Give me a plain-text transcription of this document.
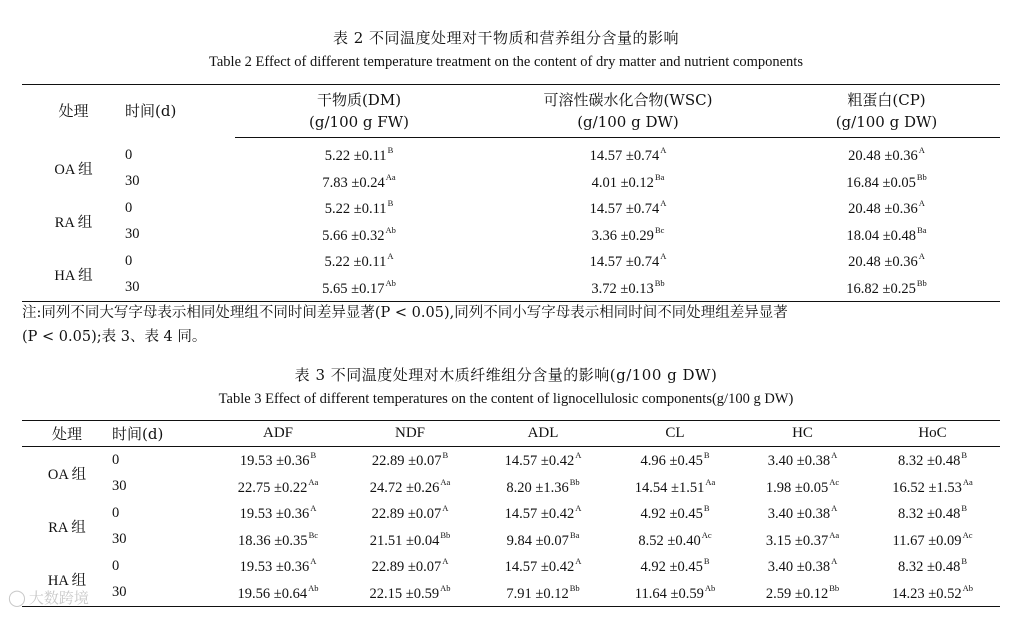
表 2 不同温度处理对干物质和营养组分含量的影响
Table 2 Effect of different temperature treatment on the content of dry matter and nutrient components
处理	时间(d)	干物质(DM)	可溶性碳水化合物(WSC)	粗蛋白(CP)
		(g/100 g FW)	(g/100 g DW)	(g/100 g DW)
OA 组	0	$5.22 \pm 0.11^B$	$14.57 \pm 0.74^A$	$20.48 \pm 0.36^A$
	30	$7.83 \pm 0.24^{Aa}$	$4.01 \pm 0.12^{Ba}$	$16.84 \pm 0.05^{Bb}$
RA 组	0	$5.22 \pm 0.11^B$	$14.57 \pm 0.74^A$	$20.48 \pm 0.36^A$
	30	$5.66 \pm 0.32^{Ab}$	$3.36 \pm 0.29^{Bc}$	$18.04 \pm 0.48^{Ba}$
HA 组	0	$5.22 \pm 0.11^A$	$14.57 \pm 0.74^A$	$20.48 \pm 0.36^A$
	30	$5.65 \pm 0.17^{Ab}$	$3.72 \pm 0.13^{Bb}$	$16.82 \pm 0.25^{Bb}$
注:同列不同大写字母表示相同处理组不同时间差异显著(P < 0.05),同列不同小写字母表示相同时间不同处理组差异显著
(P < 0.05);表 3、表 4 同。
表 3 不同温度处理对木质纤维组分含量的影响(g/100 g DW)
Table 3 Effect of different temperatures on the content of lignocellulosic components(g/100 g DW)
处理	时间(d)	ADF	NDF	ADL	CL	HC	HoC
OA 组	0	$19.53 \pm 0.36^B$	$22.89 \pm 0.07^B$	$14.57 \pm 0.42^A$	$4.96 \pm 0.45^B$	$3.40 \pm 0.38^A$	$8.32 \pm 0.48^B$
	30	$22.75 \pm 0.22^{Aa}$	$24.72 \pm 0.26^{Aa}$	$8.20 \pm 1.36^{Bb}$	$14.54 \pm 1.51^{Aa}$	$1.98 \pm 0.05^{Ac}$	$16.52 \pm 1.53^{Aa}$
RA 组	0	$19.53 \pm 0.36^A$	$22.89 \pm 0.07^A$	$14.57 \pm 0.42^A$	$4.92 \pm 0.45^B$	$3.40 \pm 0.38^A$	$8.32 \pm 0.48^B$
	30	$18.36 \pm 0.35^{Bc}$	$21.51 \pm 0.04^{Bb}$	$9.84 \pm 0.07^{Ba}$	$8.52 \pm 0.40^{Ac}$	$3.15 \pm 0.37^{Aa}$	$11.67 \pm 0.09^{Ac}$
HA 组	0	$19.53 \pm 0.36^A$	$22.89 \pm 0.07^A$	$14.57 \pm 0.42^A$	$4.92 \pm 0.45^B$	$3.40 \pm 0.38^A$	$8.32 \pm 0.48^B$
	30	$19.56 \pm 0.64^{Ab}$	$22.15 \pm 0.59^{Ab}$	$7.91 \pm 0.12^{Bb}$	$11.64 \pm 0.59^{Ab}$	$2.59 \pm 0.12^{Bb}$	$14.23 \pm 0.52^{Ab}$
◯ 大数跨境
